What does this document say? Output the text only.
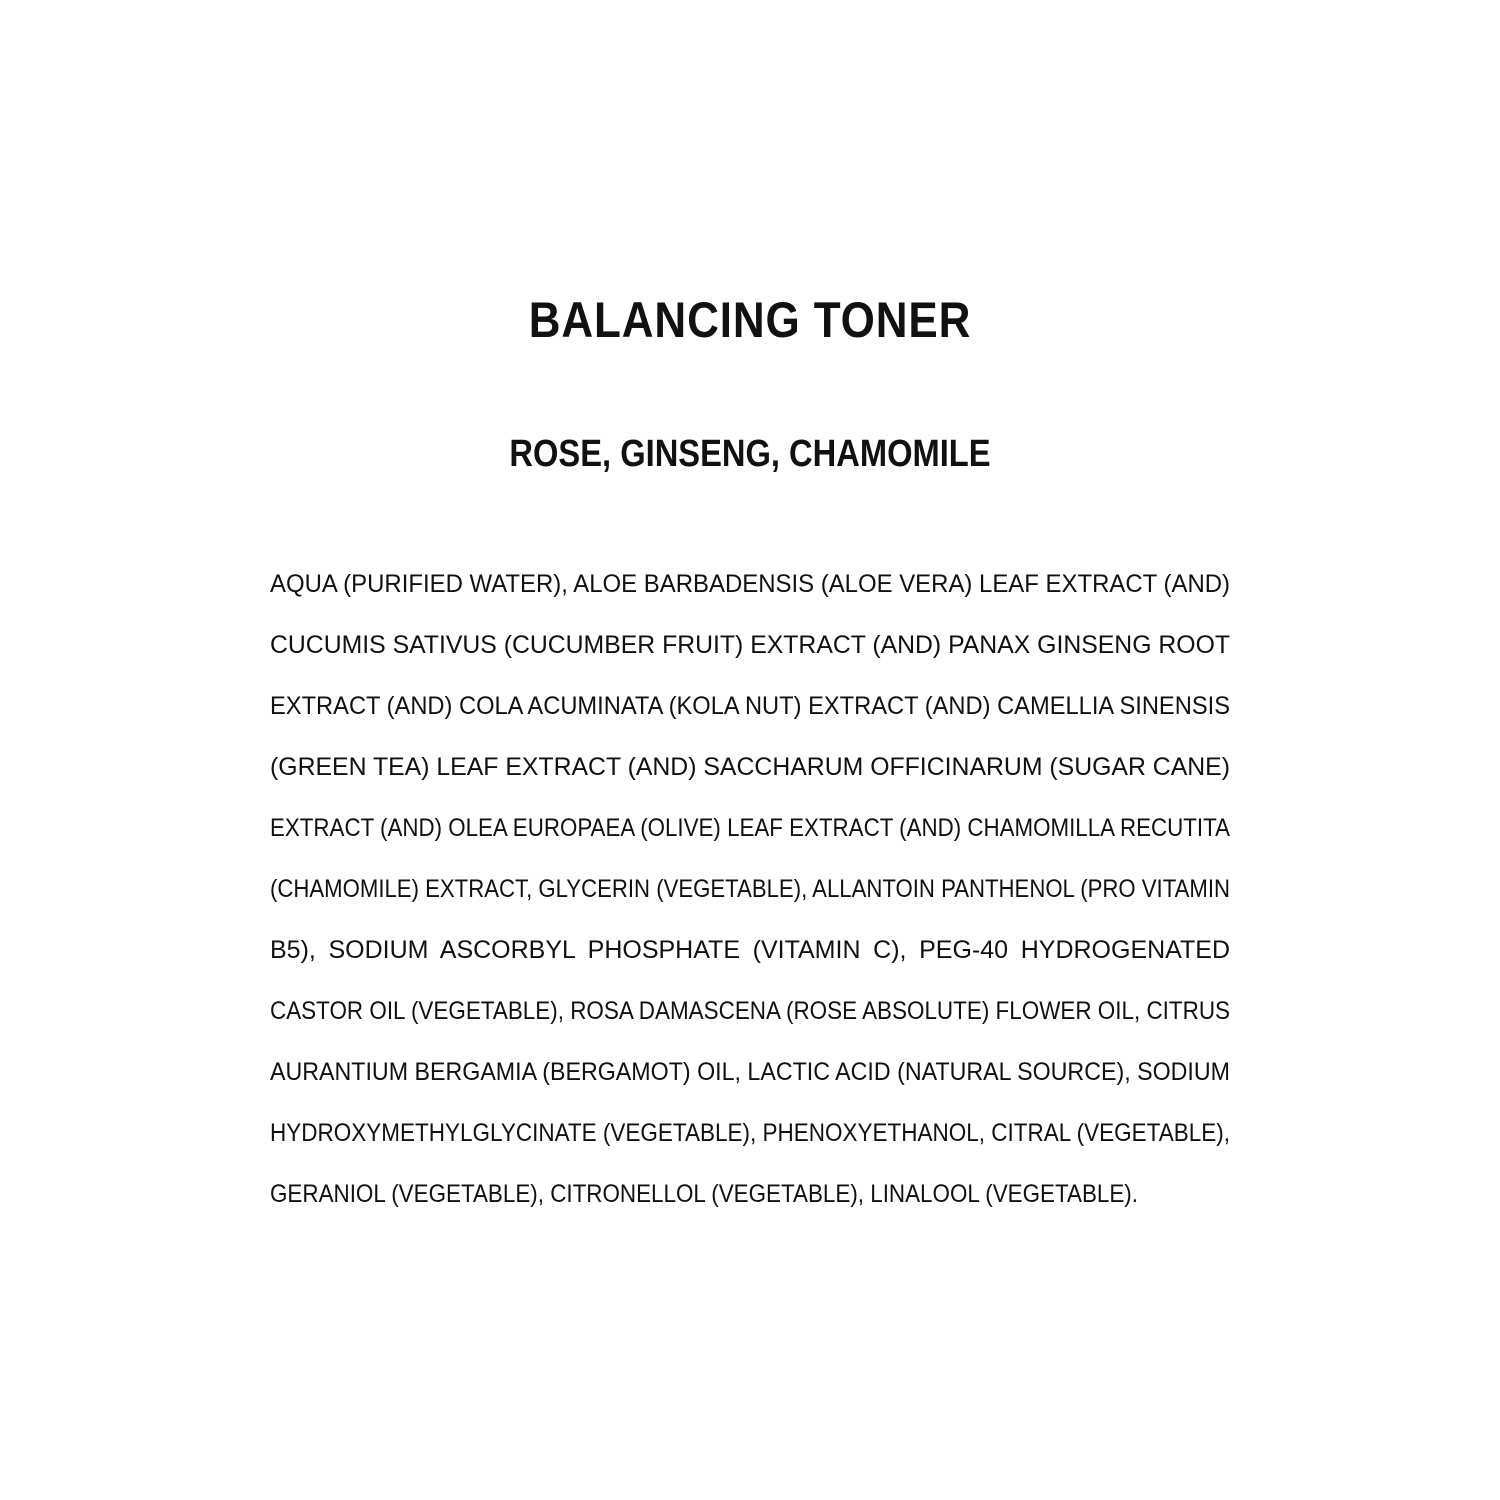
BALANCING TONER
ROSE, GINSENG, CHAMOMILE
AQUA (PURIFIED WATER), ALOE BARBADENSIS (ALOE VERA) LEAF EXTRACT (AND)
CUCUMIS SATIVUS (CUCUMBER FRUIT) EXTRACT (AND) PANAX GINSENG ROOT
EXTRACT (AND) COLA ACUMINATA (KOLA NUT) EXTRACT (AND) CAMELLIA SINENSIS
(GREEN TEA) LEAF EXTRACT (AND) SACCHARUM OFFICINARUM (SUGAR CANE)
EXTRACT (AND) OLEA EUROPAEA (OLIVE) LEAF EXTRACT (AND) CHAMOMILLA RECUTITA
(CHAMOMILE) EXTRACT, GLYCERIN (VEGETABLE), ALLANTOIN PANTHENOL (PRO VITAMIN
B5), SODIUM ASCORBYL PHOSPHATE (VITAMIN C), PEG-40 HYDROGENATED
CASTOR OIL (VEGETABLE), ROSA DAMASCENA (ROSE ABSOLUTE) FLOWER OIL, CITRUS
AURANTIUM BERGAMIA (BERGAMOT) OIL, LACTIC ACID (NATURAL SOURCE), SODIUM
HYDROXYMETHYLGLYCINATE (VEGETABLE), PHENOXYETHANOL, CITRAL (VEGETABLE),
GERANIOL (VEGETABLE), CITRONELLOL (VEGETABLE), LINALOOL (VEGETABLE).
